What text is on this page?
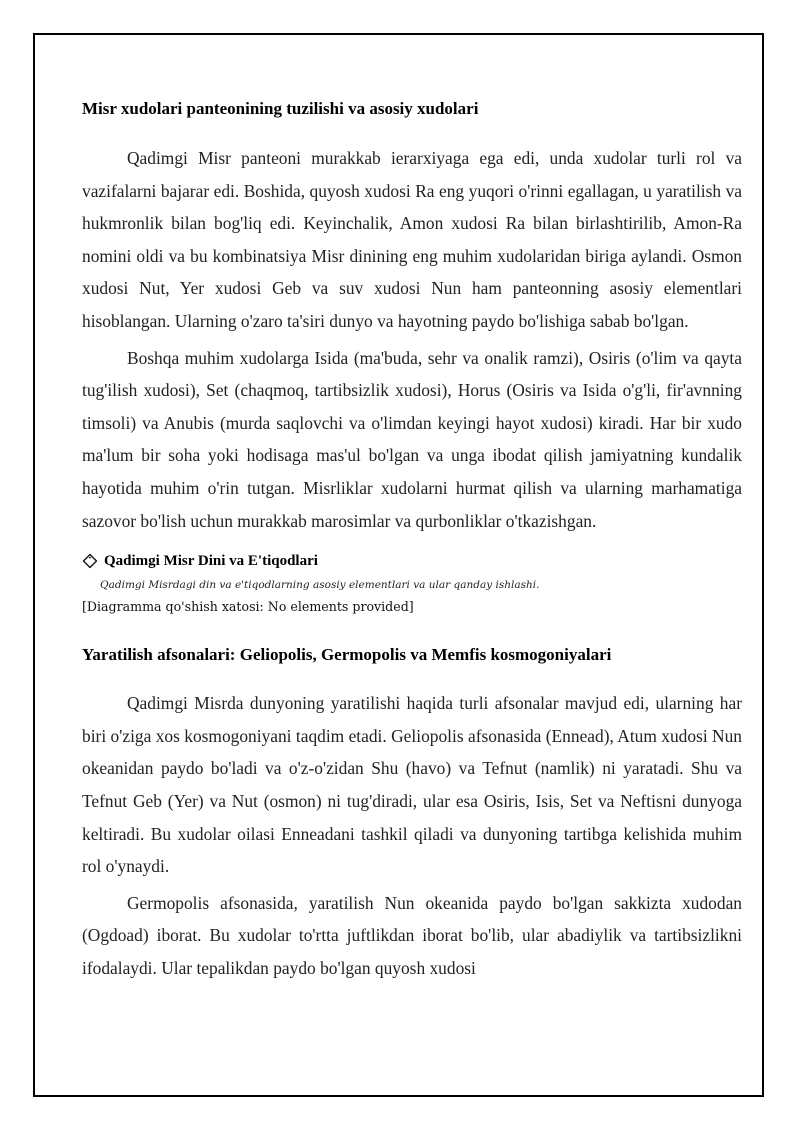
Misr xudolari panteonining tuzilishi va asosiy xudolari

Qadimgi Misr panteoni murakkab ierarxiyaga ega edi, unda xudolar turli rol va vazifalarni bajarar edi. Boshida, quyosh xudosi Ra eng yuqori o'rinni egallagan, u yaratilish va hukmronlik bilan bog'liq edi. Keyinchalik, Amon xudosi Ra bilan birlashtirilib, Amon-Ra nomini oldi va bu kombinatsiya Misr dinining eng muhim xudolaridan biriga aylandi. Osmon xudosi Nut, Yer xudosi Geb va suv xudosi Nun ham panteonning asosiy elementlari hisoblangan. Ularning o'zaro ta'siri dunyo va hayotning paydo bo'lishiga sabab bo'lgan.

Boshqa muhim xudolarga Isida (ma'buda, sehr va onalik ramzi), Osiris (o'lim va qayta tug'ilish xudosi), Set (chaqmoq, tartibsizlik xudosi), Horus (Osiris va Isida o'g'li, fir'avnning timsoli) va Anubis (murda saqlovchi va o'limdan keyingi hayot xudosi) kiradi. Har bir xudo ma'lum bir soha yoki hodisaga mas'ul bo'lgan va unga ibodat qilish jamiyatning kundalik hayotida muhim o'rin tutgan. Misrliklar xudolarni hurmat qilish va ularning marhamatiga sazovor bo'lish uchun murakkab marosimlar va qurbonliklar o'tkazishgan.

Qadimgi Misr Dini va E'tiqodlari
Qadimgi Misrdagi din va e'tiqodlarning asosiy elementlari va ular qanday ishlashi.
[Diagramma qo'shish xatosi: No elements provided]
Yaratilish afsonalari: Geliopolis, Germopolis va Memfis kosmogoniyalari

Qadimgi Misrda dunyoning yaratilishi haqida turli afsonalar mavjud edi, ularning har biri o'ziga xos kosmogoniyani taqdim etadi. Geliopolis afsonasida (Ennead), Atum xudosi Nun okeanidan paydo bo'ladi va o'z-o'zidan Shu (havo) va Tefnut (namlik) ni yaratadi. Shu va Tefnut Geb (Yer) va Nut (osmon) ni tug'diradi, ular esa Osiris, Isis, Set va Neftisni dunyoga keltiradi. Bu xudolar oilasi Enneadani tashkil qiladi va dunyoning tartibga kelishida muhim rol o'ynaydi.

Germopolis afsonasida, yaratilish Nun okeanida paydo bo'lgan sakkizta xudodan (Ogdoad) iborat. Bu xudolar to'rtta juftlikdan iborat bo'lib, ular abadiylik va tartibsizlikni ifodalaydi. Ular tepalikdan paydo bo'lgan quyosh xudosi
